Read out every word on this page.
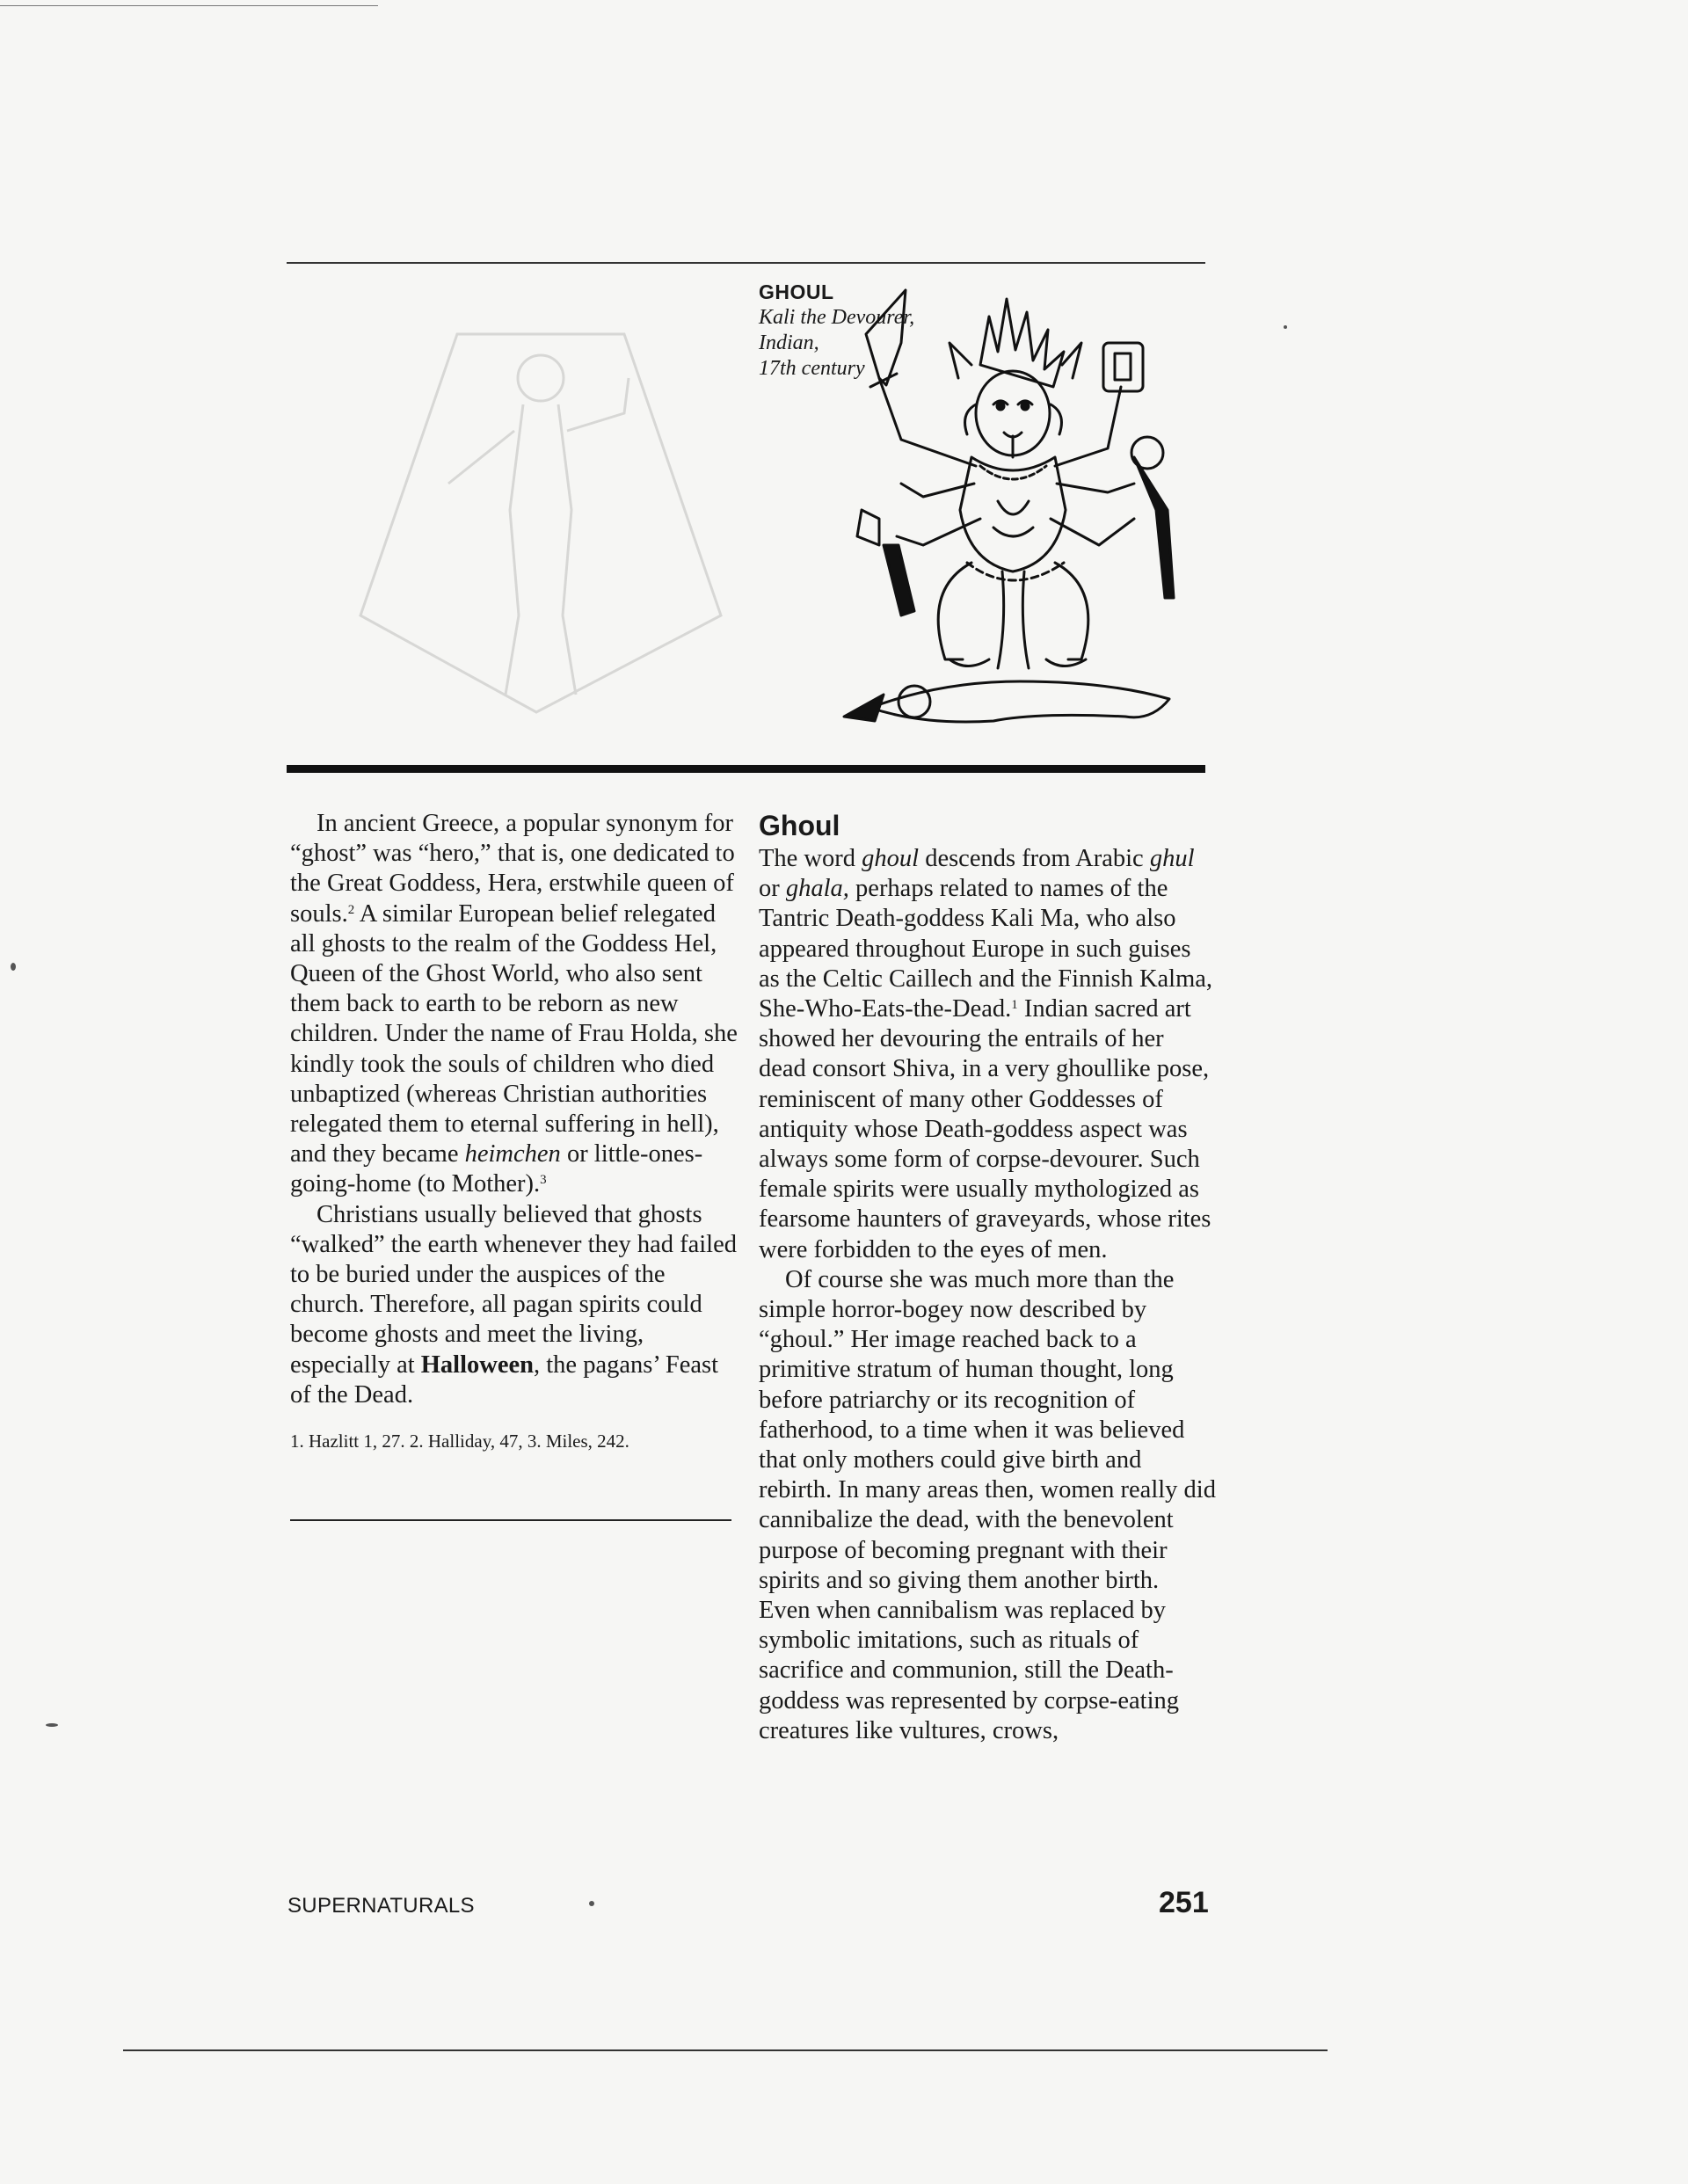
GHOUL
Kali the Devourer,
Indian,
17th century

In ancient Greece, a popular synonym for “ghost” was “hero,” that is, one dedicated to the Great Goddess, Hera, erstwhile queen of souls.$^2$ A similar European belief relegated all ghosts to the realm of the Goddess Hel, Queen of the Ghost World, who also sent them back to earth to be reborn as new children. Under the name of Frau Holda, she kindly took the souls of children who died unbaptized (whereas Christian authorities relegated them to eternal suffering in hell), and they became heimchen or little-ones-going-home (to Mother).$^3$

Christians usually believed that ghosts “walked” the earth whenever they had failed to be buried under the auspices of the church. Therefore, all pagan spirits could become ghosts and meet the living, especially at Halloween, the pagans’ Feast of the Dead.

1. Hazlitt 1, 27. 2. Halliday, 47, 3. Miles, 242.

Ghoul

The word ghoul descends from Arabic ghul or ghala, perhaps related to names of the Tantric Death-goddess Kali Ma, who also appeared throughout Europe in such guises as the Celtic Caillech and the Finnish Kalma, She-Who-Eats-the-Dead.$^1$ Indian sacred art showed her devouring the entrails of her dead consort Shiva, in a very ghoullike pose, reminiscent of many other Goddesses of antiquity whose Death-goddess aspect was always some form of corpse-devourer. Such female spirits were usually mythologized as fearsome haunters of graveyards, whose rites were forbidden to the eyes of men.

Of course she was much more than the simple horror-bogey now described by “ghoul.” Her image reached back to a primitive stratum of human thought, long before patriarchy or its recognition of fatherhood, to a time when it was believed that only mothers could give birth and rebirth. In many areas then, women really did cannibalize the dead, with the benevolent purpose of becoming pregnant with their spirits and so giving them another birth. Even when cannibalism was replaced by symbolic imitations, such as rituals of sacrifice and communion, still the Death-goddess was represented by corpse-eating creatures like vultures, crows,

SUPERNATURALS	251
